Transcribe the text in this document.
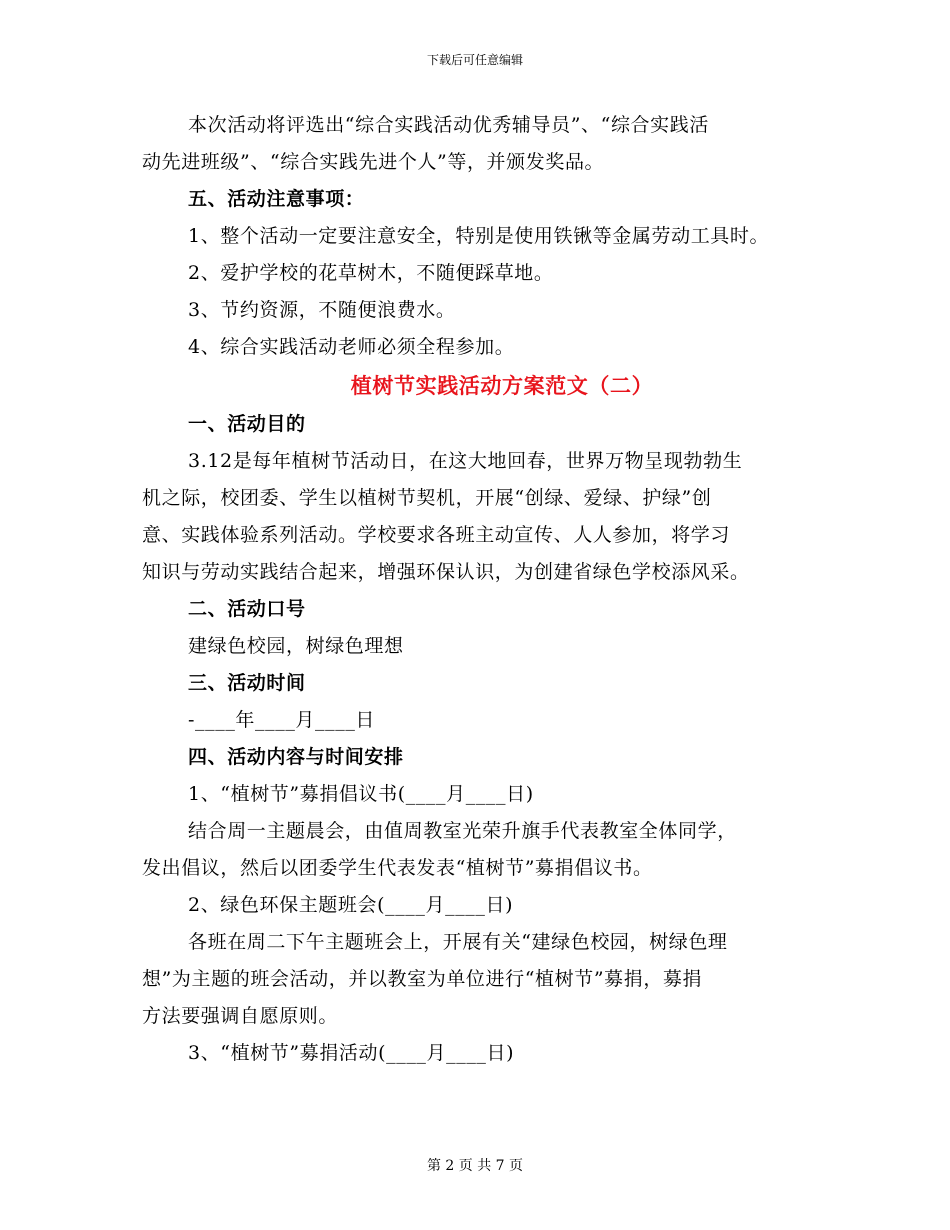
下载后可任意编辑
本次活动将评选出“综合实践活动优秀辅导员”、“综合实践活
动先进班级”、“综合实践先进个人”等，并颁发奖品。
五、活动注意事项：
1、整个活动一定要注意安全，特别是使用铁锹等金属劳动工具时。
2、爱护学校的花草树木，不随便踩草地。
3、节约资源，不随便浪费水。
4、综合实践活动老师必须全程参加。
植树节实践活动方案范文（二）
一、活动目的
3.12是每年植树节活动日，在这大地回春，世界万物呈现勃勃生
机之际，校团委、学生以植树节契机，开展“创绿、爱绿、护绿”创
意、实践体验系列活动。学校要求各班主动宣传、人人参加，将学习
知识与劳动实践结合起来，增强环保认识，为创建省绿色学校添风采。
二、活动口号
建绿色校园，树绿色理想
三、活动时间
-____年____月____日
四、活动内容与时间安排
1、“植树节”募捐倡议书(____月____日)
结合周一主题晨会，由值周教室光荣升旗手代表教室全体同学，
发出倡议，然后以团委学生代表发表“植树节”募捐倡议书。
2、绿色环保主题班会(____月____日)
各班在周二下午主题班会上，开展有关“建绿色校园，树绿色理
想”为主题的班会活动，并以教室为单位进行“植树节”募捐，募捐
方法要强调自愿原则。
3、“植树节”募捐活动(____月____日)
第 2 页 共 7 页
